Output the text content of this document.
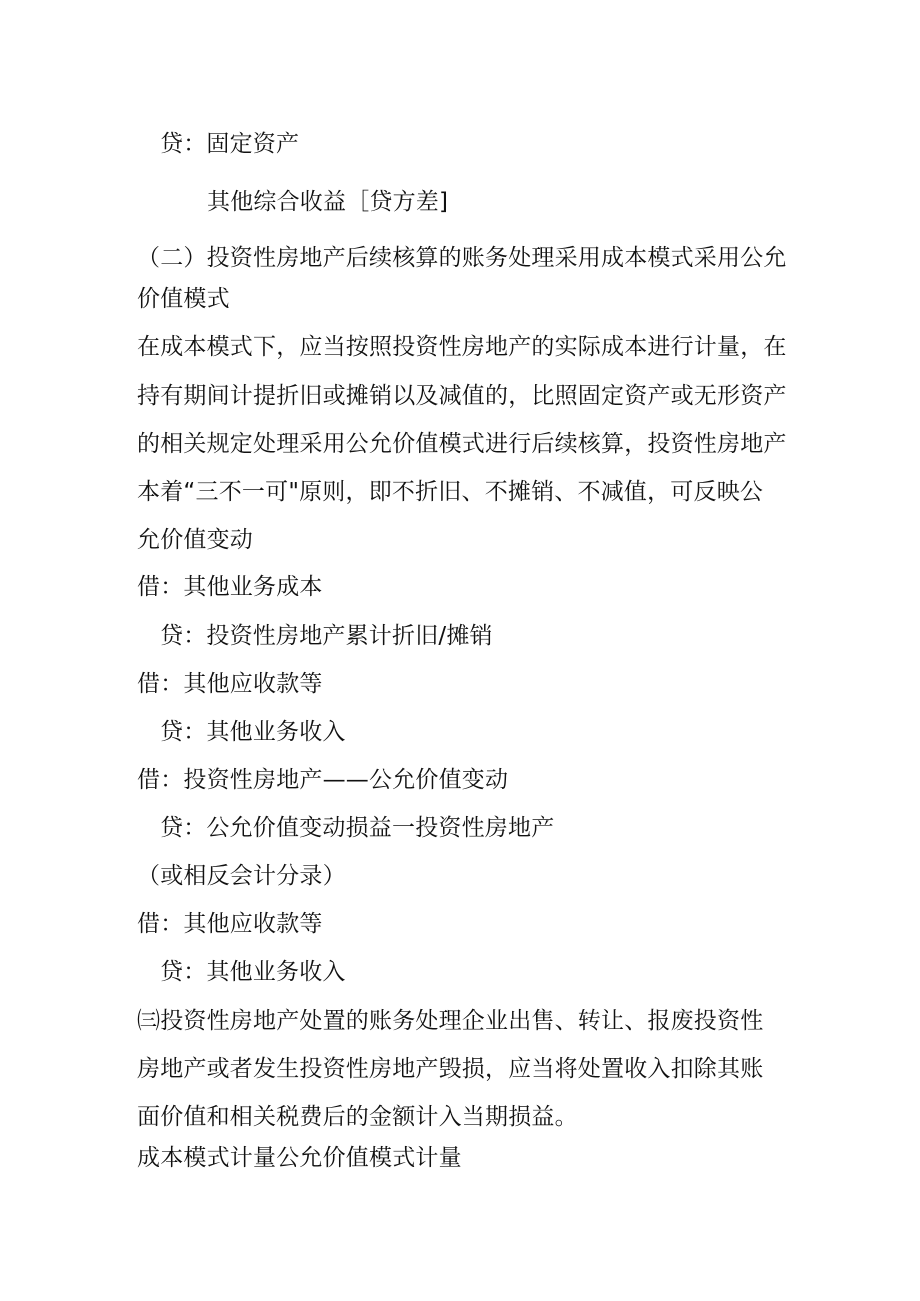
贷：固定资产
其他综合收益［贷方差]
（二）投资性房地产后续核算的账务处理采用成本模式采用公允
价值模式
在成本模式下，应当按照投资性房地产的实际成本进行计量，在
持有期间计提折旧或摊销以及减值的，比照固定资产或无形资产
的相关规定处理采用公允价值模式进行后续核算，投资性房地产
本着“三不一可"原则，即不折旧、不摊销、不减值，可反映公
允价值变动
借：其他业务成本
贷：投资性房地产累计折旧/摊销
借：其他应收款等
贷：其他业务收入
借：投资性房地产——公允价值变动
贷：公允价值变动损益一投资性房地产
（或相反会计分录）
借：其他应收款等
贷：其他业务收入
㈢投资性房地产处置的账务处理企业出售、转让、报废投资性
房地产或者发生投资性房地产毁损，应当将处置收入扣除其账
面价值和相关税费后的金额计入当期损益。
成本模式计量公允价值模式计量
